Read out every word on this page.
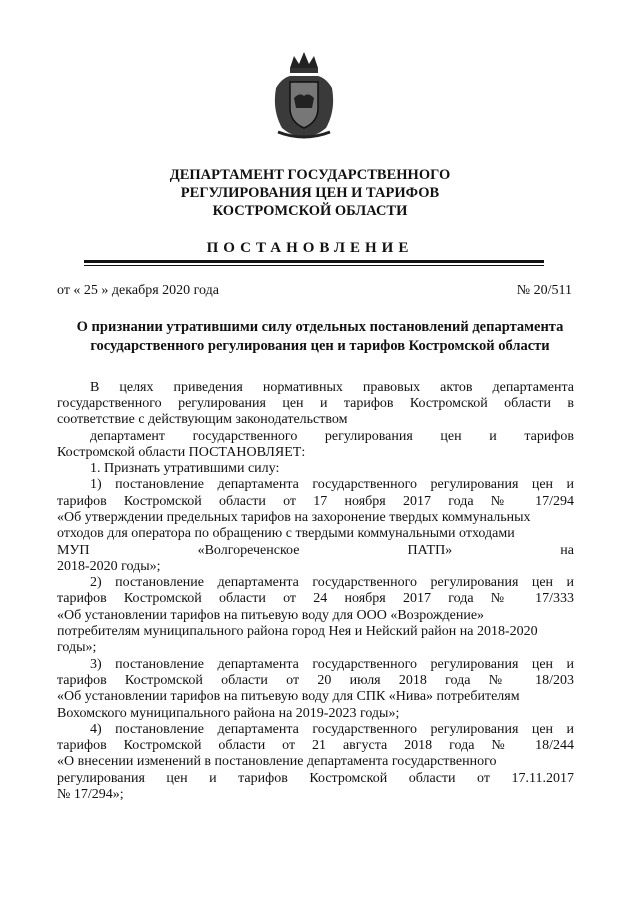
ДЕПАРТАМЕНТ ГОСУДАРСТВЕННОГО
РЕГУЛИРОВАНИЯ ЦЕН И ТАРИФОВ
КОСТРОМСКОЙ ОБЛАСТИ
ПОСТАНОВЛЕНИЕ
от « 25 » декабря 2020 года	№ 20/511
О признании утратившими силу отдельных постановлений департамента
государственного регулирования цен и тарифов Костромской области
В целях приведения нормативных правовых актов департамента
государственного регулирования цен и тарифов Костромской области в
соответствие с действующим законодательством
департамент государственного регулирования цен и тарифов
Костромской области ПОСТАНОВЛЯЕТ:
1. Признать утратившими силу:
1) постановление департамента государственного регулирования цен и
тарифов Костромской области от 17 ноября 2017 года № 17/294
«Об утверждении предельных тарифов на захоронение твердых коммунальных
отходов для оператора по обращению с твердыми коммунальными отходами
МУП «Волгореченское ПАТП» на
2018-2020 годы»;
2) постановление департамента государственного регулирования цен и
тарифов Костромской области от 24 ноября 2017 года № 17/333
«Об установлении тарифов на питьевую воду для ООО «Возрождение»
потребителям муниципального района город Нея и Нейский район на 2018-2020
годы»;
3) постановление департамента государственного регулирования цен и
тарифов Костромской области от 20 июля 2018 года № 18/203
«Об установлении тарифов на питьевую воду для СПК «Нива» потребителям
Вохомского муниципального района на 2019-2023 годы»;
4) постановление департамента государственного регулирования цен и
тарифов Костромской области от 21 августа 2018 года № 18/244
«О внесении изменений в постановление департамента государственного
регулирования цен и тарифов Костромской области от 17.11.2017
№ 17/294»;
